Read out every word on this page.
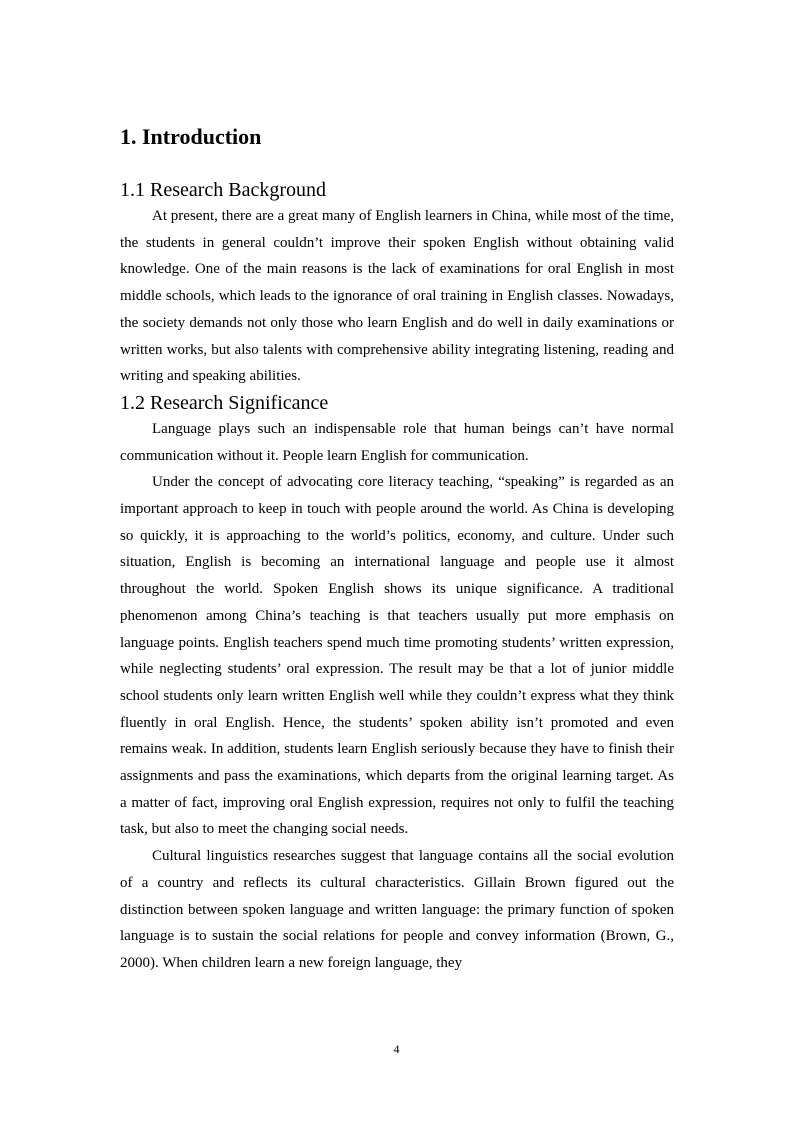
1. Introduction
1.1 Research Background

At present, there are a great many of English learners in China, while most of the time, the students in general couldn’t improve their spoken English without obtaining valid knowledge. One of the main reasons is the lack of examinations for oral English in most middle schools, which leads to the ignorance of oral training in English classes. Nowadays, the society demands not only those who learn English and do well in daily examinations or written works, but also talents with comprehensive ability integrating listening, reading and writing and speaking abilities.

1.2 Research Significance

Language plays such an indispensable role that human beings can’t have normal communication without it. People learn English for communication.

Under the concept of advocating core literacy teaching, “speaking” is regarded as an important approach to keep in touch with people around the world. As China is developing so quickly, it is approaching to the world’s politics, economy, and culture. Under such situation, English is becoming an international language and people use it almost throughout the world. Spoken English shows its unique significance. A traditional phenomenon among China’s teaching is that teachers usually put more emphasis on language points. English teachers spend much time promoting students’ written expression, while neglecting students’ oral expression. The result may be that a lot of junior middle school students only learn written English well while they couldn’t express what they think fluently in oral English. Hence, the students’ spoken ability isn’t promoted and even remains weak. In addition, students learn English seriously because they have to finish their assignments and pass the examinations, which departs from the original learning target. As a matter of fact, improving oral English expression, requires not only to fulfil the teaching task, but also to meet the changing social needs.

Cultural linguistics researches suggest that language contains all the social evolution of a country and reflects its cultural characteristics. Gillain Brown figured out the distinction between spoken language and written language: the primary function of spoken language is to sustain the social relations for people and convey information (Brown, G., 2000). When children learn a new foreign language, they

4
